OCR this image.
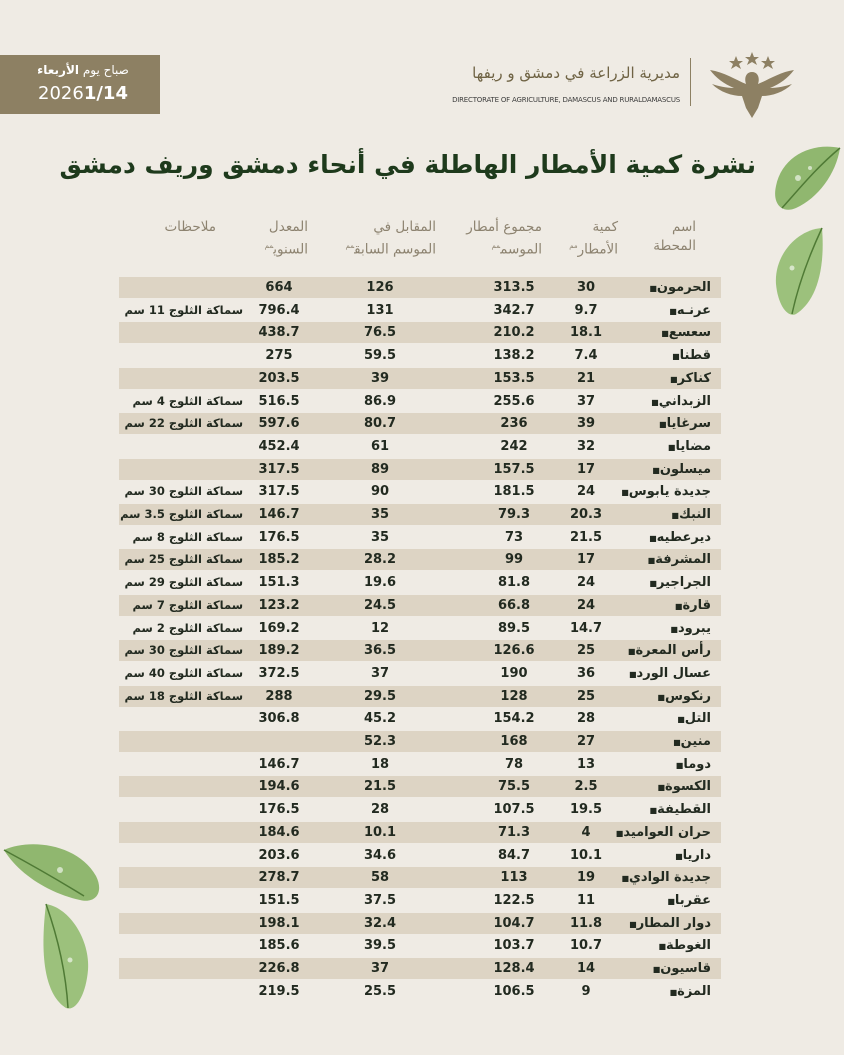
صباح يوم الأربعاء
20261/14
مديرية الزراعة في دمشق و ريفها
DIRECTORATE OF AGRICULTURE, DAMASCUS AND RURALDAMASCUS
نشرة كمية الأمطار الهاطلة في أنحاء دمشق وريف دمشق
اسم المحطة
كمية
الأمطار$^{مم}$
مجموع أمطار
الموسم$^{مم}$
المقابل في
الموسم السابق$^{مم}$
المعدل
السنوي$^{مم}$
ملاحظات
الحرمون■
30
313.5
126
664
عرنـه■
9.7
342.7
131
796.4
سماكة الثلوج 11 سم
سعسع■
18.1
210.2
76.5
438.7
قطنا■
7.4
138.2
59.5
275
كناكر■
21
153.5
39
203.5
الزبداني■
37
255.6
86.9
516.5
سماكة الثلوج 4 سم
سرغايا■
39
236
80.7
597.6
سماكة الثلوج 22 سم
مضايا■
32
242
61
452.4
ميسلون■
17
157.5
89
317.5
جديدة يابوس■
24
181.5
90
317.5
سماكة الثلوج 30 سم
النبك■
20.3
79.3
35
146.7
سماكة الثلوج 3.5 سم
ديرعطيه■
21.5
73
35
176.5
سماكة الثلوج 8 سم
المشرفة■
17
99
28.2
185.2
سماكة الثلوج 25 سم
الجراجير■
24
81.8
19.6
151.3
سماكة الثلوج 29 سم
قارة■
24
66.8
24.5
123.2
سماكة الثلوج 7 سم
يبرود■
14.7
89.5
12
169.2
سماكة الثلوج 2 سم
رأس المعرة■
25
126.6
36.5
189.2
سماكة الثلوج 30 سم
عسال الورد■
36
190
37
372.5
سماكة الثلوج 40 سم
رنكوس■
25
128
29.5
288
سماكة الثلوج 18 سم
التل■
28
154.2
45.2
306.8
منين■
27
168
52.3
دوما■
13
78
18
146.7
الكسوة■
2.5
75.5
21.5
194.6
القطيفة■
19.5
107.5
28
176.5
حران العواميد■
4
71.3
10.1
184.6
داريا■
10.1
84.7
34.6
203.6
جديدة الوادي■
19
113
58
278.7
عقربا■
11
122.5
37.5
151.5
دوار المطار■
11.8
104.7
32.4
198.1
الغوطة■
10.7
103.7
39.5
185.6
قاسيون■
14
128.4
37
226.8
المزة■
9
106.5
25.5
219.5
